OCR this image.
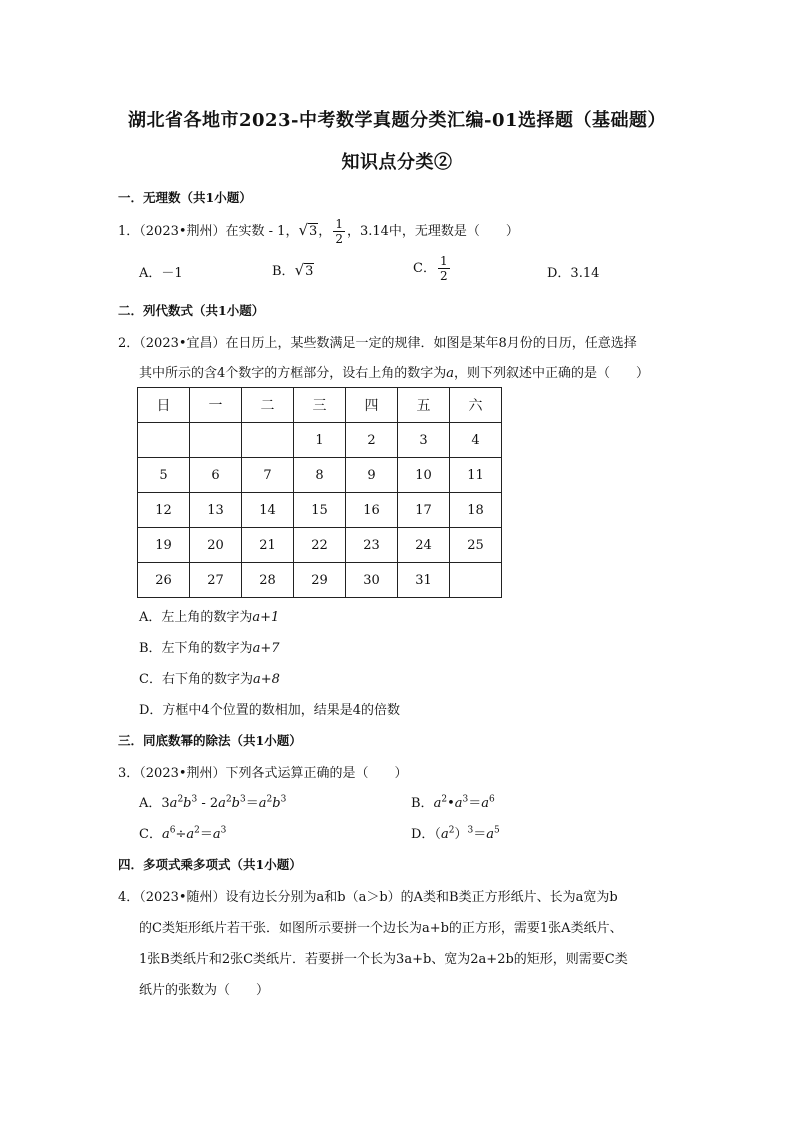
湖北省各地市2023-中考数学真题分类汇编-01选择题（基础题）
知识点分类②
一．无理数（共1小题）
1．（2023•荆州）在实数 - 1，√3， $\frac{1}{2}$ ，3.14中，无理数是（　　）
A．－1	B．√3	C． $\frac{1}{2}$	D．3.14
二．列代数式（共1小题）
2．（2023•宜昌）在日历上，某些数满足一定的规律．如图是某年8月份的日历，任意选择
其中所示的含4个数字的方框部分，设右上角的数字为a，则下列叙述中正确的是（　　）
日	一	二	三	四	五	六
			1	2	3	4
5	6	7	8	9	10	11
12	13	14	15	16	17	18
19	20	21	22	23	24	25
26	27	28	29	30	31	
A．左上角的数字为a+1
B．左下角的数字为a+7
C．右下角的数字为a+8
D．方框中4个位置的数相加，结果是4的倍数
三．同底数幂的除法（共1小题）
3．（2023•荆州）下列各式运算正确的是（　　）
A．$3a^2b^3 - 2a^2b^3=a^2b^3$	B．$a^2•a^3=a^6$
C．$a^6\div a^2=a^3$	D．$(a^2)^3=a^5$
四．多项式乘多项式（共1小题）
4．（2023•随州）设有边长分别为a和b（a＞b）的A类和B类正方形纸片、长为a宽为b
的C类矩形纸片若干张．如图所示要拼一个边长为a+b的正方形，需要1张A类纸片、
1张B类纸片和2张C类纸片．若要拼一个长为3a+b、宽为2a+2b的矩形，则需要C类
纸片的张数为（　　）
